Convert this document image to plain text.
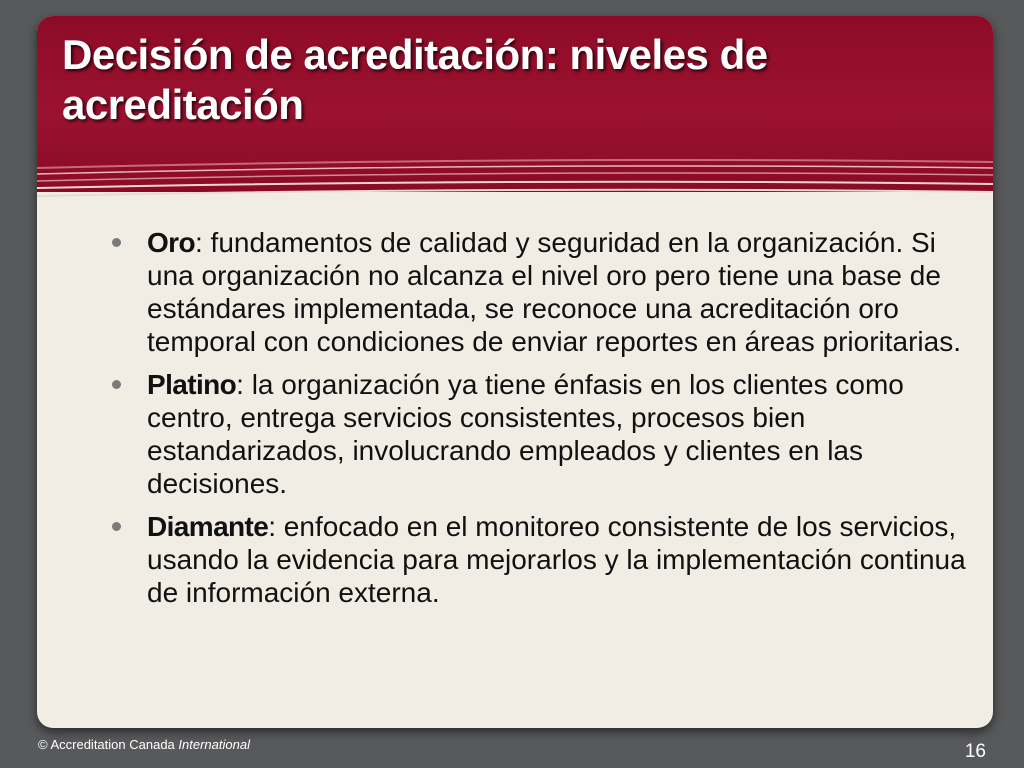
Decisión de acreditación: niveles de acreditación
Oro: fundamentos de calidad y seguridad en la organización. Si una organización no alcanza el nivel oro pero tiene una base de estándares implementada, se reconoce una acreditación oro temporal con condiciones de enviar reportes en áreas prioritarias.
Platino: la organización ya tiene énfasis en los clientes como centro, entrega servicios consistentes, procesos bien estandarizados, involucrando empleados y clientes en las decisiones.
Diamante: enfocado en el monitoreo consistente de los servicios, usando la evidencia para mejorarlos y la implementación continua de información externa.
© Accreditation Canada International	16
